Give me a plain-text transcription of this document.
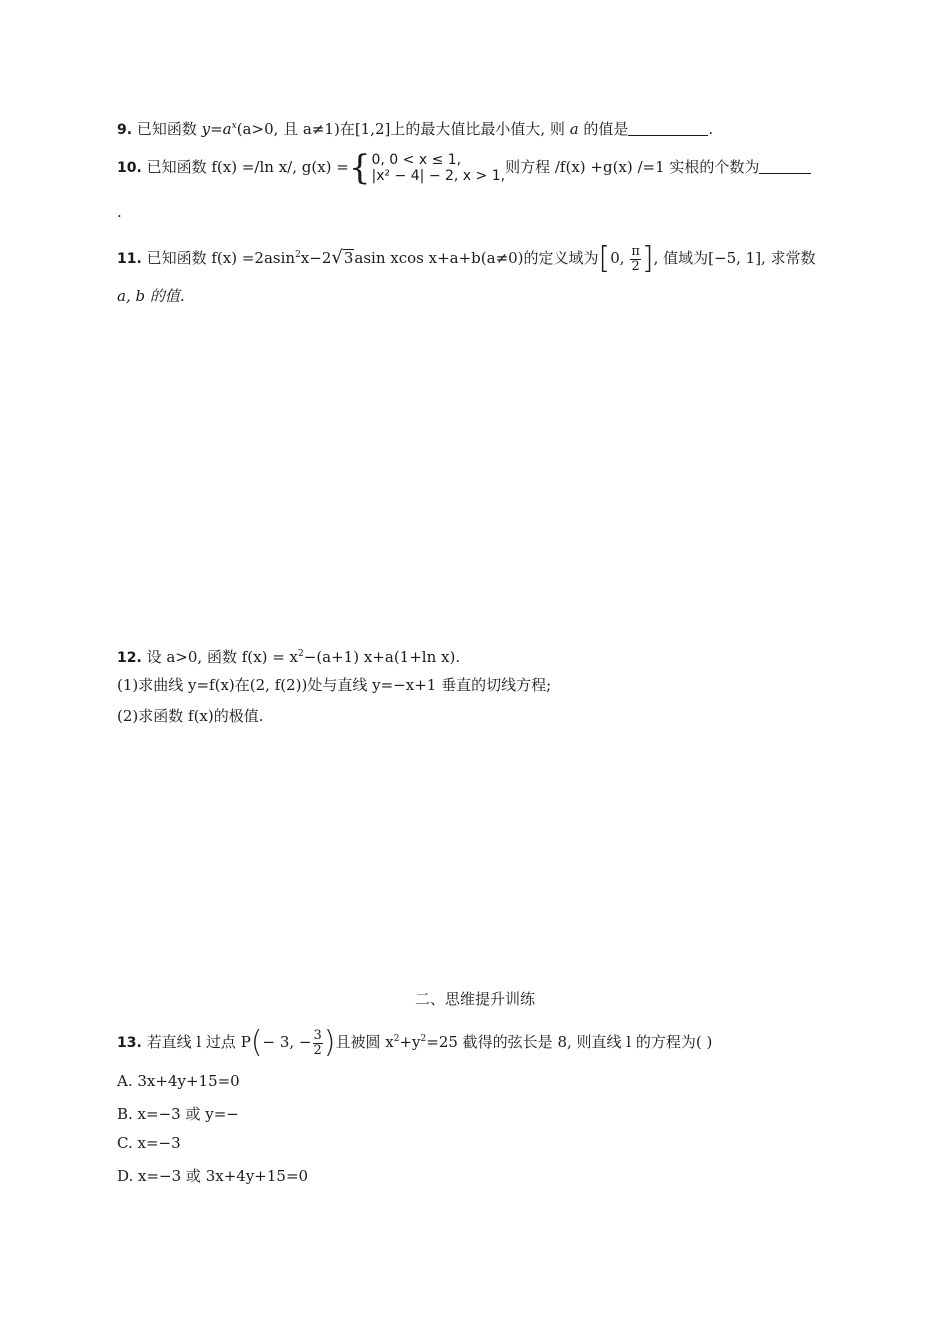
9. 已知函数 $y=a^x(a>0$, 且 a≠1)在[1,2]上的最大值比最小值大, 则 a 的值是	.
10. 已知函数 f(x) =/ln x/, g(x) = { 0, 0 < x ≤ 1,
|x² − 4| − 2, x > 1, 则方程 /f(x) +g(x) /=1 实根的个数为
.
11. 已知函数 f(x) =2asin$^2$x−2 √ 3 asin xcos x+a+b(a≠0)的定义域为[0, $\frac{\pi}{2}$ ], 值域为[−5, 1], 求常数
a, b 的值.
12. 设 a>0, 函数 $f(x) = x^2-(a+1)$ x+a(1+ln x).
(1)求曲线 y=f(x)在(2, f(2))处与直线 y=−x+1 垂直的切线方程;
(2)求函数 f(x)的极值.
二、思维提升训练
13. 若直线 l 过点 P(− 3, − $\frac{3}{2}$ )且被圆 $x^2+y^2=25$ 截得的弦长是 8, 则直线 l 的方程为( )
A. 3x+4y+15=0
B. x=−3 或 y=−
C. x=−3
D. x=−3 或 3x+4y+15=0
